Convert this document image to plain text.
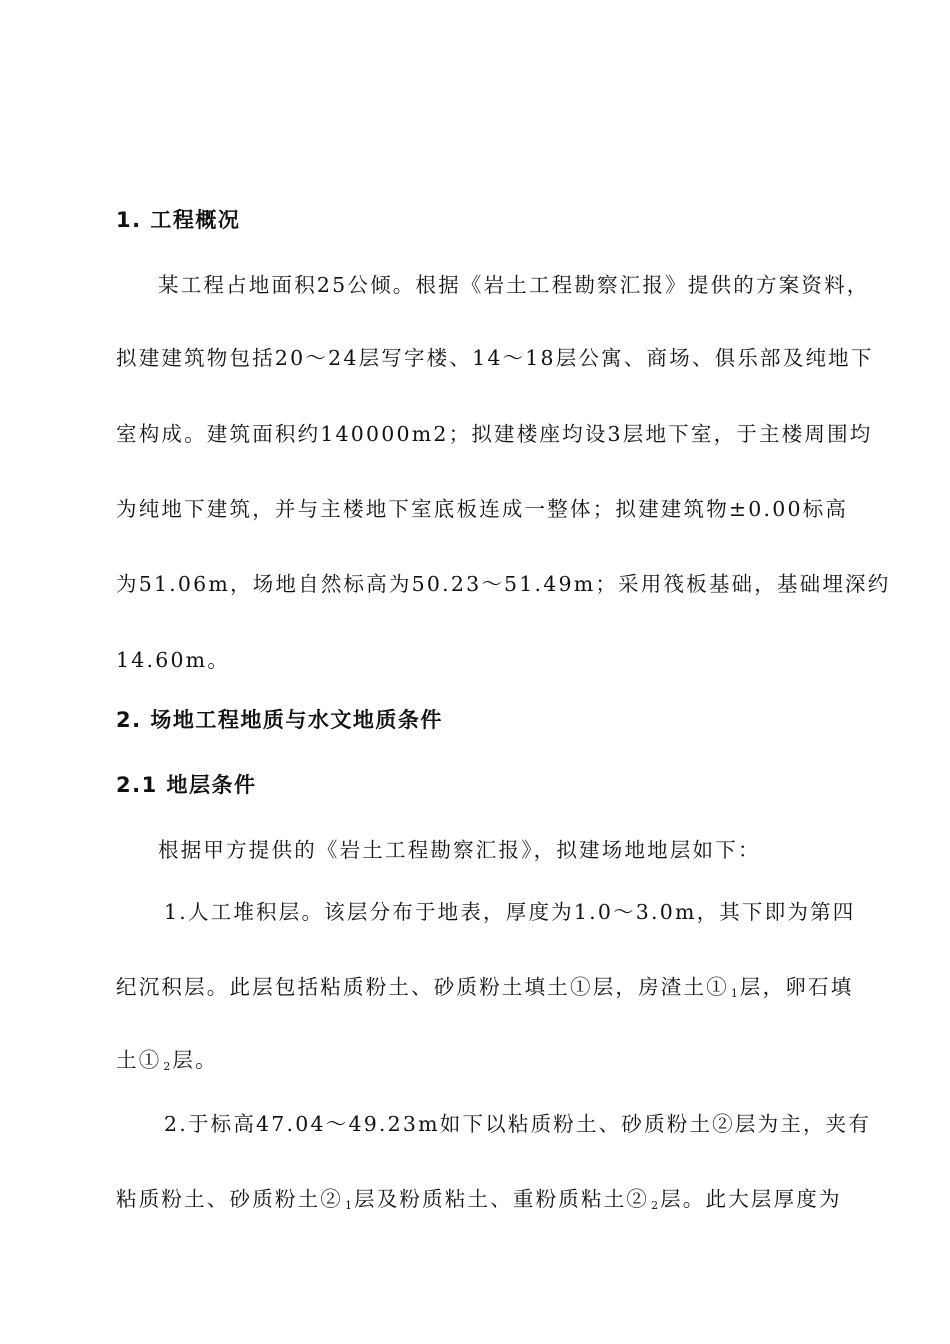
1. 工程概况
某工程占地面积25公倾。根据《岩土工程勘察汇报》提供的方案资料，
拟建建筑物包括20～24层写字楼、14～18层公寓、商场、俱乐部及纯地下
室构成。建筑面积约140000m2；拟建楼座均设3层地下室，于主楼周围均
为纯地下建筑，并与主楼地下室底板连成一整体；拟建建筑物±0.00标高
为51.06m，场地自然标高为50.23～51.49m；采用筏板基础，基础埋深约
14.60m。
2. 场地工程地质与水文地质条件
2.1 地层条件
根据甲方提供的《岩土工程勘察汇报》，拟建场地地层如下：
1.人工堆积层。该层分布于地表，厚度为1.0～3.0m，其下即为第四
纪沉积层。此层包括粘质粉土、砂质粉土填土①层，房渣土① $_1$层，卵石填
土① $_2$层。
2.于标高47.04～49.23m如下以粘质粉土、砂质粉土②层为主，夹有
粘质粉土、砂质粉土② $_1$层及粉质粘土、重粉质粘土② $_2$层。此大层厚度为
